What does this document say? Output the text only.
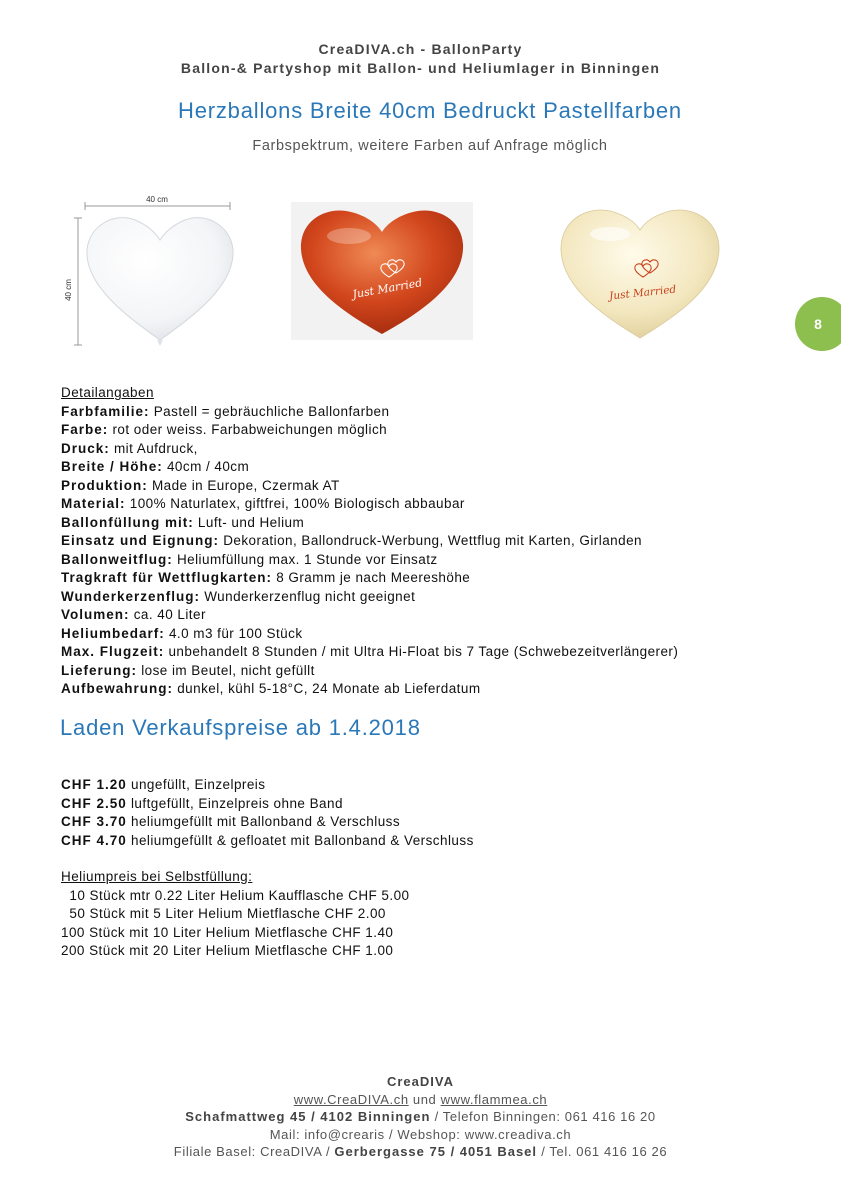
CreaDIVA.ch - BallonParty
Ballon-& Partyshop mit Ballon- und Heliumlager in Binningen
Herzballons Breite 40cm Bedruckt Pastellfarben
Farbspektrum, weitere Farben auf Anfrage möglich
40 cm
40 cm	Just Married	Just Married
8
Detailangaben
Farbfamilie: Pastell = gebräuchliche Ballonfarben
Farbe: rot oder weiss. Farbabweichungen möglich
Druck: mit Aufdruck,
Breite / Höhe: 40cm / 40cm
Produktion: Made in Europe, Czermak AT
Material: 100% Naturlatex, giftfrei, 100% Biologisch abbaubar
Ballonfüllung mit: Luft- und Helium
Einsatz und Eignung: Dekoration, Ballondruck-Werbung, Wettflug mit Karten, Girlanden
Ballonweitflug: Heliumfüllung max. 1 Stunde vor Einsatz
Tragkraft für Wettflugkarten: 8 Gramm je nach Meereshöhe
Wunderkerzenflug: Wunderkerzenflug nicht geeignet
Volumen: ca. 40 Liter
Heliumbedarf: 4.0 m3 für 100 Stück
Max. Flugzeit: unbehandelt 8 Stunden / mit Ultra Hi-Float bis 7 Tage (Schwebezeitverlängerer)
Lieferung: lose im Beutel, nicht gefüllt
Aufbewahrung: dunkel, kühl 5-18°C, 24 Monate ab Lieferdatum
Laden Verkaufspreise ab 1.4.2018
CHF 1.20 ungefüllt, Einzelpreis
CHF 2.50 luftgefüllt, Einzelpreis ohne Band
CHF 3.70 heliumgefüllt mit Ballonband & Verschluss
CHF 4.70 heliumgefüllt & gefloatet mit Ballonband & Verschluss
Heliumpreis bei Selbstfüllung:
10 Stück mtr 0.22 Liter Helium Kaufflasche CHF 5.00
50 Stück mit 5 Liter Helium Mietflasche CHF 2.00
100 Stück mit 10 Liter Helium Mietflasche CHF 1.40
200 Stück mit 20 Liter Helium Mietflasche CHF 1.00
CreaDIVA
www.CreaDIVA.ch und www.flammea.ch
Schafmattweg 45 / 4102 Binningen / Telefon Binningen: 061 416 16 20
Mail: info@crearis / Webshop: www.creadiva.ch
Filiale Basel: CreaDIVA / Gerbergasse 75 / 4051 Basel / Tel. 061 416 16 26
